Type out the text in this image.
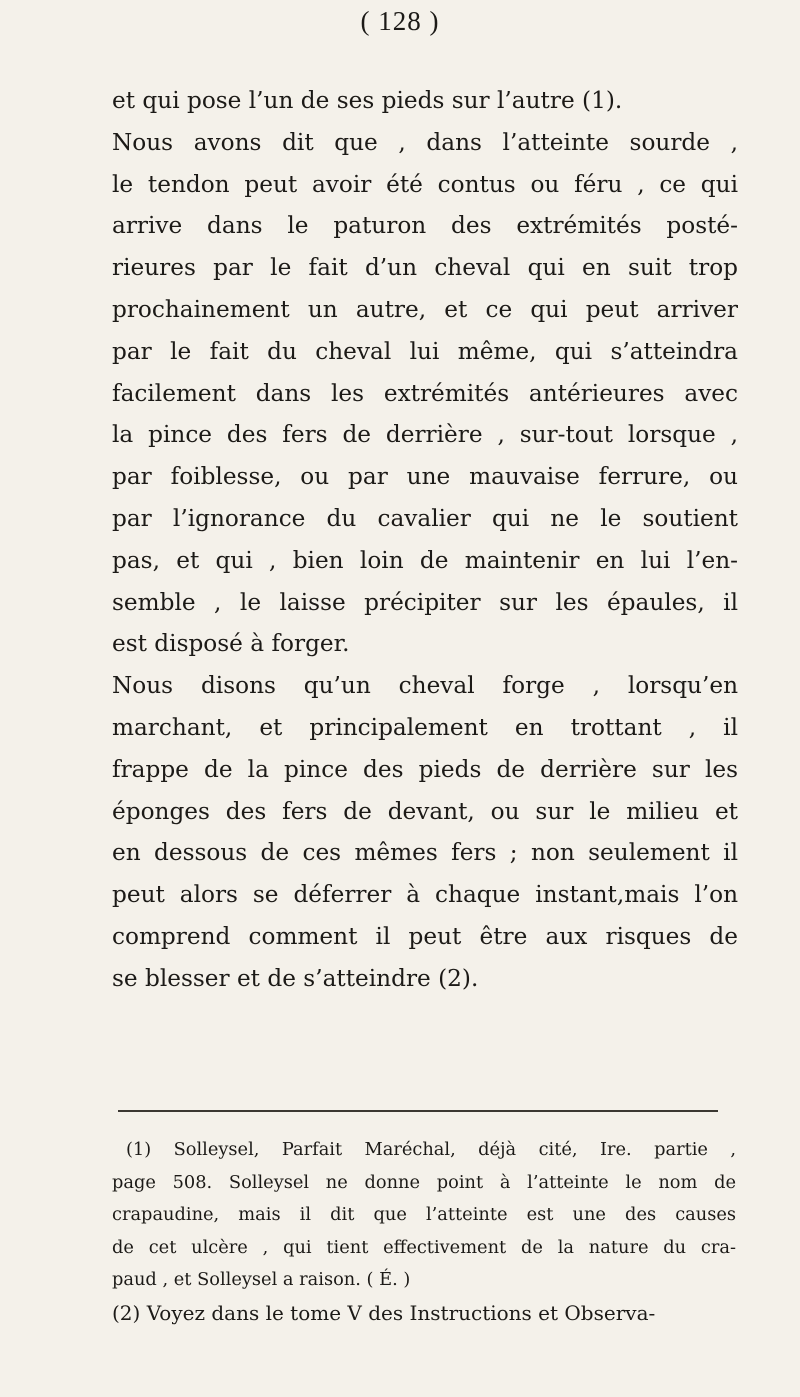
( 128 )
et qui pose l’un de ses pieds sur l’autre (1).
Nous avons dit que , dans l’atteinte sourde ,
le tendon peut avoir été contus ou féru , ce qui
arrive dans le paturon des extrémités posté-
rieures par le fait d’un cheval qui en suit trop
prochainement un autre, et ce qui peut arriver
par le fait du cheval lui même, qui s’atteindra
facilement dans les extrémités antérieures avec
la pince des fers de derrière , sur-tout lorsque ,
par foiblesse, ou par une mauvaise ferrure, ou
par l’ignorance du cavalier qui ne le soutient
pas, et qui , bien loin de maintenir en lui l’en-
semble , le laisse précipiter sur les épaules, il
est disposé à forger.
Nous disons qu’un cheval forge , lorsqu’en
marchant, et principalement en trottant , il
frappe de la pince des pieds de derrière sur les
éponges des fers de devant, ou sur le milieu et
en dessous de ces mêmes fers ; non seulement il
peut alors se déferrer à chaque instant,mais l’on
comprend comment il peut être aux risques de
se blesser et de s’atteindre (2).
(1) Solleysel, Parfait Maréchal, déjà cité, Ire. partie ,
page 508. Solleysel ne donne point à l’atteinte le nom de
crapaudine, mais il dit que l’atteinte est une des causes
de cet ulcère , qui tient effectivement de la nature du cra-
paud , et Solleysel a raison. ( É. )
(2) Voyez dans le tome V des Instructions et Observa-
